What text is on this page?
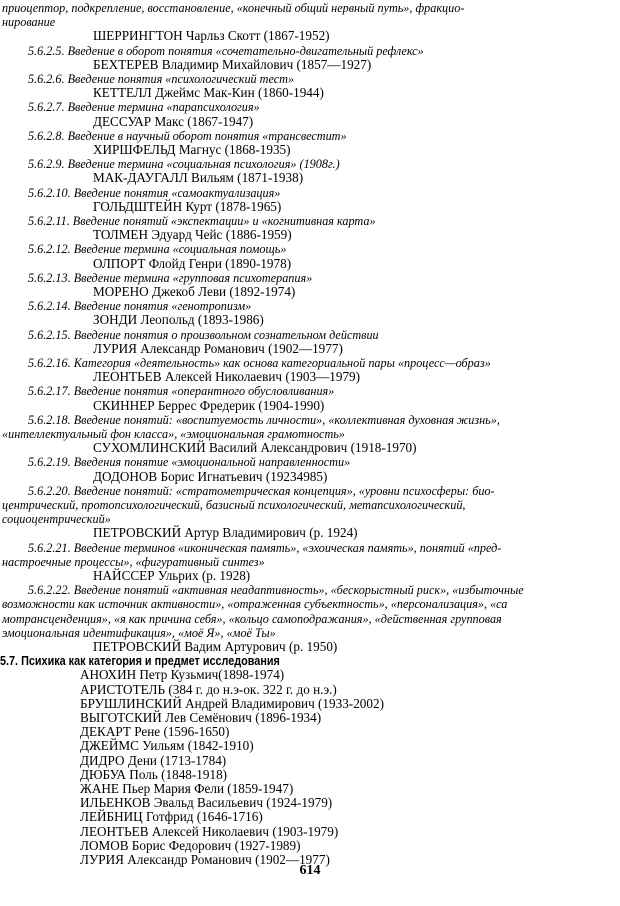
приоцептор, подкрепление, восстановление, «конечный общий нервный путь», фракцио-
нирование
ШЕРРИНГТОН Чарльз Скотт (1867-1952)
5.6.2.5. Введение в оборот понятия «сочетательно-двигательный рефлекс»
БЕХТЕРЕВ Владимир Михайлович (1857—1927)
5.6.2.6. Введение понятия «психологический тест»
КЕТТЕЛЛ Джеймс Мак-Кин (1860-1944)
5.6.2.7. Введение термина «парапсихология»
ДЕССУАР Макс (1867-1947)
5.6.2.8. Введение в научный оборот понятия «трансвестит»
ХИРШФЕЛЬД Магнус (1868-1935)
5.6.2.9. Введение термина «социальная психология» (1908г.)
МАК-ДАУГАЛЛ Вильям (1871-1938)
5.6.2.10. Введение понятия «самоактуализация»
ГОЛЬДШТЕЙН Курт (1878-1965)
5.6.2.11. Введение понятий «экспектации» и «когнитивная карта»
ТОЛМЕН Эдуард Чейс (1886-1959)
5.6.2.12. Введение термина «социальная помощь»
ОЛПОРТ Флойд Генри (1890-1978)
5.6.2.13. Введение термина «групповая психотерапия»
МОРЕНО Джекоб Леви (1892-1974)
5.6.2.14. Введение понятия «генотропизм»
ЗОНДИ Леопольд (1893-1986)
5.6.2.15. Введение понятия о произвольном сознательном действии
ЛУРИЯ Александр Романович (1902—1977)
5.6.2.16. Категория «деятельность» как основа категориальной пары «процесс—образ»
ЛЕОНТЬЕВ Алексей Николаевич (1903—1979)
5.6.2.17. Введение понятия «оперантного обусловливания»
СКИННЕР Беррес Фредерик (1904-1990)
5.6.2.18. Введение понятий: «воспитуемость личности», «коллективная духовная жизнь»,
«интеллектуальный фон класса», «эмоциональная грамотность»
СУХОМЛИНСКИЙ Василий Александрович (1918-1970)
5.6.2.19. Введения понятие «эмоциональной направленности»
ДОДОНОВ Борис Игнатьевич (19234985)
5.6.2.20. Введение понятий: «стратометрическая концепция», «уровни психосферы: био-
центрический, протопсихологический, базисный психологический, метапсихологический,
социоцентрический»
ПЕТРОВСКИЙ Артур Владимирович (р. 1924)
5.6.2.21. Введение терминов «иконическая память», «эхоическая память», понятий «пред-
настроечные процессы», «фигуративный синтез»
НАЙССЕР Ульрих (р. 1928)
5.6.2.22. Введение понятий «активная неадаптивность», «бескорыстный риск», «избыточные
возможности как источник активности», «отраженная субъектность», «персонализация», «са
мотрансценденция», «я как причина себя», «кольцо самоподражания», «действенная групповая
эмоциональная идентификация», «моё Я», «моё Ты»
ПЕТРОВСКИЙ Вадим Артурович (р. 1950)
5.7. Психика как категория и предмет исследования
АНОХИН Петр Кузьмич(1898-1974)
АРИСТОТЕЛЬ (384 г. до н.э-ок. 322 г. до н.э.)
БРУШЛИНСКИЙ Андрей Владимирович (1933-2002)
ВЫГОТСКИЙ Лев Семёнович (1896-1934)
ДЕКАРТ Рене (1596-1650)
ДЖЕЙМС Уильям (1842-1910)
ДИДРО Дени (1713-1784)
ДЮБУА Поль (1848-1918)
ЖАНЕ Пьер Мария Фели (1859-1947)
ИЛЬЕНКОВ Эвальд Васильевич (1924-1979)
ЛЕЙБНИЦ Готфрид (1646-1716)
ЛЕОНТЬЕВ Алексей Николаевич (1903-1979)
ЛОМОВ Борис Федорович (1927-1989)
ЛУРИЯ Александр Романович (1902—1977)
614
